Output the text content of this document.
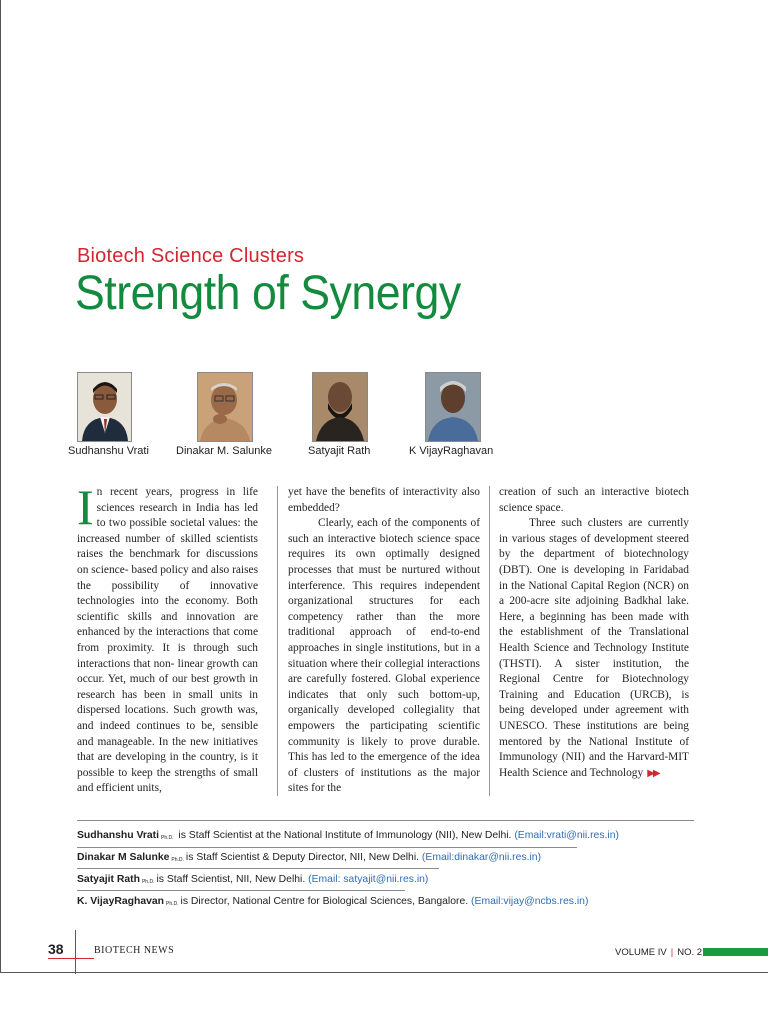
Biotech Science Clusters
Strength of Synergy
Sudhanshu Vrati Dinakar M. Salunke	Satyajit Rath	K VijayRaghavan

In recent years, progress in life sciences research in India has led to two possible societal values: the increased number of skilled scientists raises the benchmark for discussions on science- based policy and also raises the possibility of innovative technologies into the economy. Both scientific skills and innovation are enhanced by the interactions that come from proximity. It is through such interactions that non- linear growth can occur. Yet, much of our best growth in research has been in small units in dispersed locations. Such growth was, and indeed continues to be, sensible and manageable. In the new initiatives that are developing in the country, is it possible to keep the strengths of small and efficient units,

yet have the benefits of interactivity also embedded?

Clearly, each of the components of such an interactive biotech science space requires its own optimally designed processes that must be nurtured without interference. This requires independent organizational structures for each competency rather than the more traditional approach of end-to-end approaches in single institutions, but in a situation where their collegial interactions are carefully fostered. Global experience indicates that only such bottom-up, organically developed collegiality that empowers the participating scientific community is likely to prove durable. This has led to the emergence of the idea of clusters of institutions as the major sites for the

creation of such an interactive biotech science space.

Three such clusters are currently in various stages of development steered by the department of biotechnology (DBT). One is developing in Faridabad in the National Capital Region (NCR) on a 200-acre site adjoining Badkhal lake. Here, a beginning has been made with the establishment of the Translational Health Science and Technology Institute (THSTI). A sister institution, the Regional Centre for Biotechnology Training and Education (URCB), is being developed under agreement with UNESCO. These institutions are being mentored by the National Institute of Immunology (NII) and the Harvard-MIT Health Science and Technology ▶▶

Sudhanshu Vrati Ph.D. is Staff Scientist at the National Institute of Immunology (NII), New Delhi. (Email:vrati@nii.res.in)
Dinakar M Salunke Ph.D. is Staff Scientist & Deputy Director, NII, New Delhi. (Email:dinakar@nii.res.in)
Satyajit Rath Ph.D. is Staff Scientist, NII, New Delhi. (Email: satyajit@nii.res.in)
K. VijayRaghavan Ph.D. is Director, National Centre for Biological Sciences, Bangalore. (Email:vijay@ncbs.res.in)
38	BIOTECH NEWS	VOLUME IV | NO. 2
